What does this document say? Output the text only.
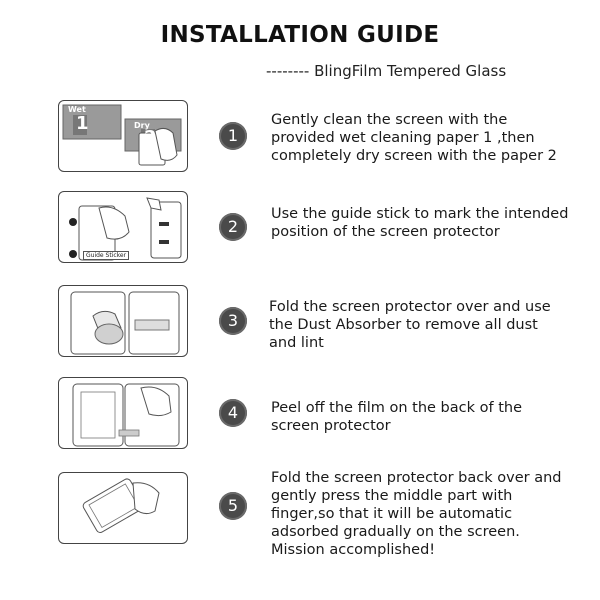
INSTALLATION GUIDE
-------- BlingFilm Tempered Glass
Wet
Dry
1
2	1
Gently clean the screen with the provided wet cleaning paper 1 ,then completely dry screen with the paper 2
Guide Sticker
2
Use the guide stick to mark the intended position of the screen protector
3
Fold the screen protector over and use the Dust Absorber to remove all dust and lint
4	Peel off the film on the back of the screen protector
5
Fold the screen protector back over and gently press the middle part with finger,so that it will be automatic adsorbed gradually on the screen. Mission accomplished!
